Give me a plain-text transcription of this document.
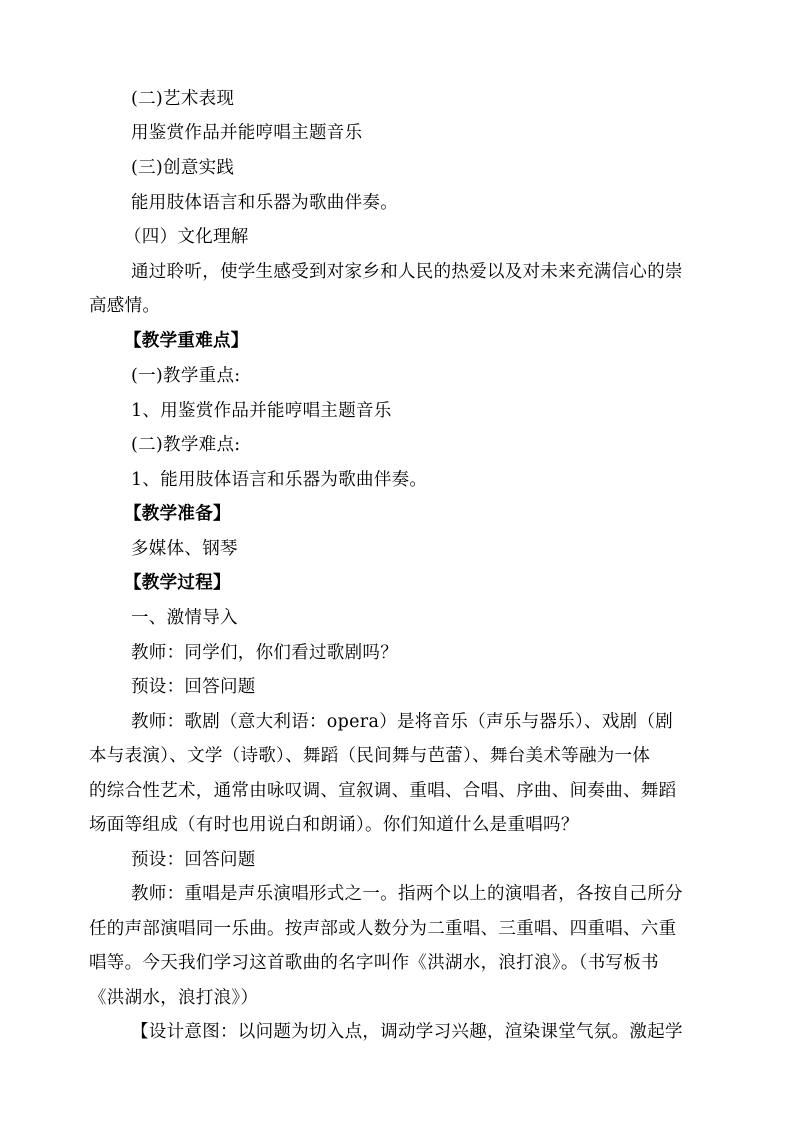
(二)艺术表现
用鉴赏作品并能哼唱主题音乐
(三)创意实践
能用肢体语言和乐器为歌曲伴奏。
（四）文化理解
通过聆听，使学生感受到对家乡和人民的热爱以及对未来充满信心的崇
高感情。
【教学重难点】
(一)教学重点:
1、用鉴赏作品并能哼唱主题音乐
(二)教学难点:
1、能用肢体语言和乐器为歌曲伴奏。
【教学准备】
多媒体、钢琴
【教学过程】
一、激情导入
教师：同学们，你们看过歌剧吗？
预设：回答问题
教师：歌剧（意大利语：opera）是将音乐（声乐与器乐）、戏剧（剧
本与表演）、文学（诗歌）、舞蹈（民间舞与芭蕾）、舞台美术等融为一体
的综合性艺术，通常由咏叹调、宣叙调、重唱、合唱、序曲、间奏曲、舞蹈
场面等组成（有时也用说白和朗诵）。你们知道什么是重唱吗？
预设：回答问题
教师：重唱是声乐演唱形式之一。指两个以上的演唱者，各按自己所分
任的声部演唱同一乐曲。按声部或人数分为二重唱、三重唱、四重唱、六重
唱等。今天我们学习这首歌曲的名字叫作《洪湖水，浪打浪》。（书写板书
《洪湖水，浪打浪》）
【设计意图：以问题为切入点，调动学习兴趣，渲染课堂气氛。激起学
